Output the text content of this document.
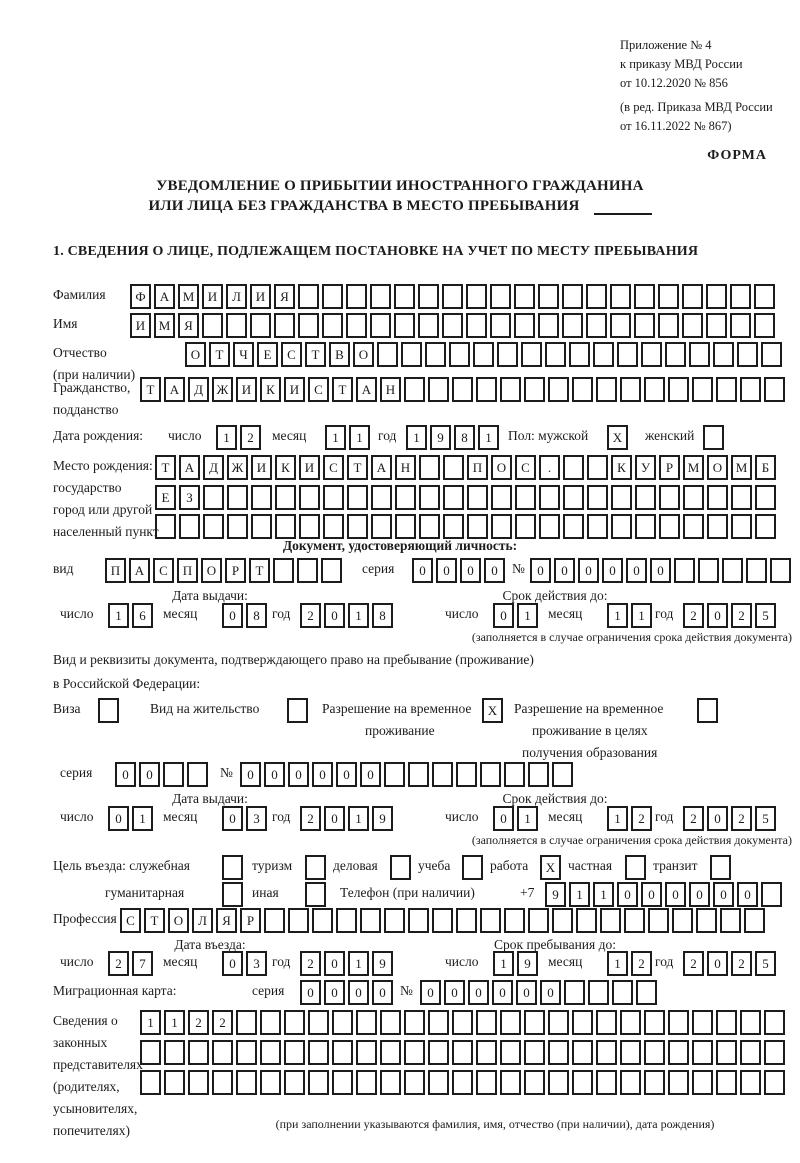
Приложение № 4
к приказу МВД России
от 10.12.2020 № 856
(в ред. Приказа МВД России
от 16.11.2022 № 867)
ФОРМА
УВЕДОМЛЕНИЕ О ПРИБЫТИИ ИНОСТРАННОГО ГРАЖДАНИНА
ИЛИ ЛИЦА БЕЗ ГРАЖДАНСТВА В МЕСТО ПРЕБЫВАНИЯ
1. СВЕДЕНИЯ О ЛИЦЕ, ПОДЛЕЖАЩЕМ ПОСТАНОВКЕ НА УЧЕТ ПО МЕСТУ ПРЕБЫВАНИЯ
Фамилия	Ф А М И Л И Я
Имя	И М Я
Отчество
(при наличии)
О Т Ч Е С Т В О
Гражданство,
подданство
Т А Д Ж И К И С Т А Н
Дата рождения: число	1 2	месяц	1 1	год	1 9 8 1	Пол: мужской	X	женский
Место рождения:
государство
город или другой
населенный пункт
Т А Д Ж И К И С Т А Н	П О С .	К У Р М О М Б
Е З
Документ, удостоверяющий личность:
вид	П А С П О Р Т	серия	0 0 0 0	№ 0 0 0 0 0 0
Дата выдачи:	Срок действия до:
число	1 6	месяц	0 8 год	2 0 1 8	число	0 1	месяц	1 1 год	2 0 2 5
(заполняется в случае ограничения срока действия документа)
Вид и реквизиты документа, подтверждающего право на пребывание (проживание)
в Российской Федерации:
Виза	Вид на жительство	Разрешение на временное
проживание
X	Разрешение на временное
проживание в целях
получения образования
серия	0 0	№	0 0 0 0 0 0
Дата выдачи:	Срок действия до:
число	0 1	месяц	0 3 год	2 0 1 9	число	0 1	месяц	1 2 год	2 0 2 5
(заполняется в случае ограничения срока действия документа)
Цель въезда: служебная	туризм	деловая	учеба	работа	X частная	транзит
гуманитарная	иная	Телефон (при наличии)	+7	9 1 1 0 0 0 0 0 0
Профессия С Т О Л Я Р
Дата въезда:	Срок пребывания до:
число	2 7	месяц	0 3 год	2 0 1 9	число	1 9	месяц	1 2 год	2 0 2 5
Миграционная карта:	серия	0 0 0 0	№	0 0 0 0 0 0
Сведения о
законных
представителях
(родителях,
усыновителях,
попечителях)
1 1 2 2
(при заполнении указываются фамилия, имя, отчество (при наличии), дата рождения)
